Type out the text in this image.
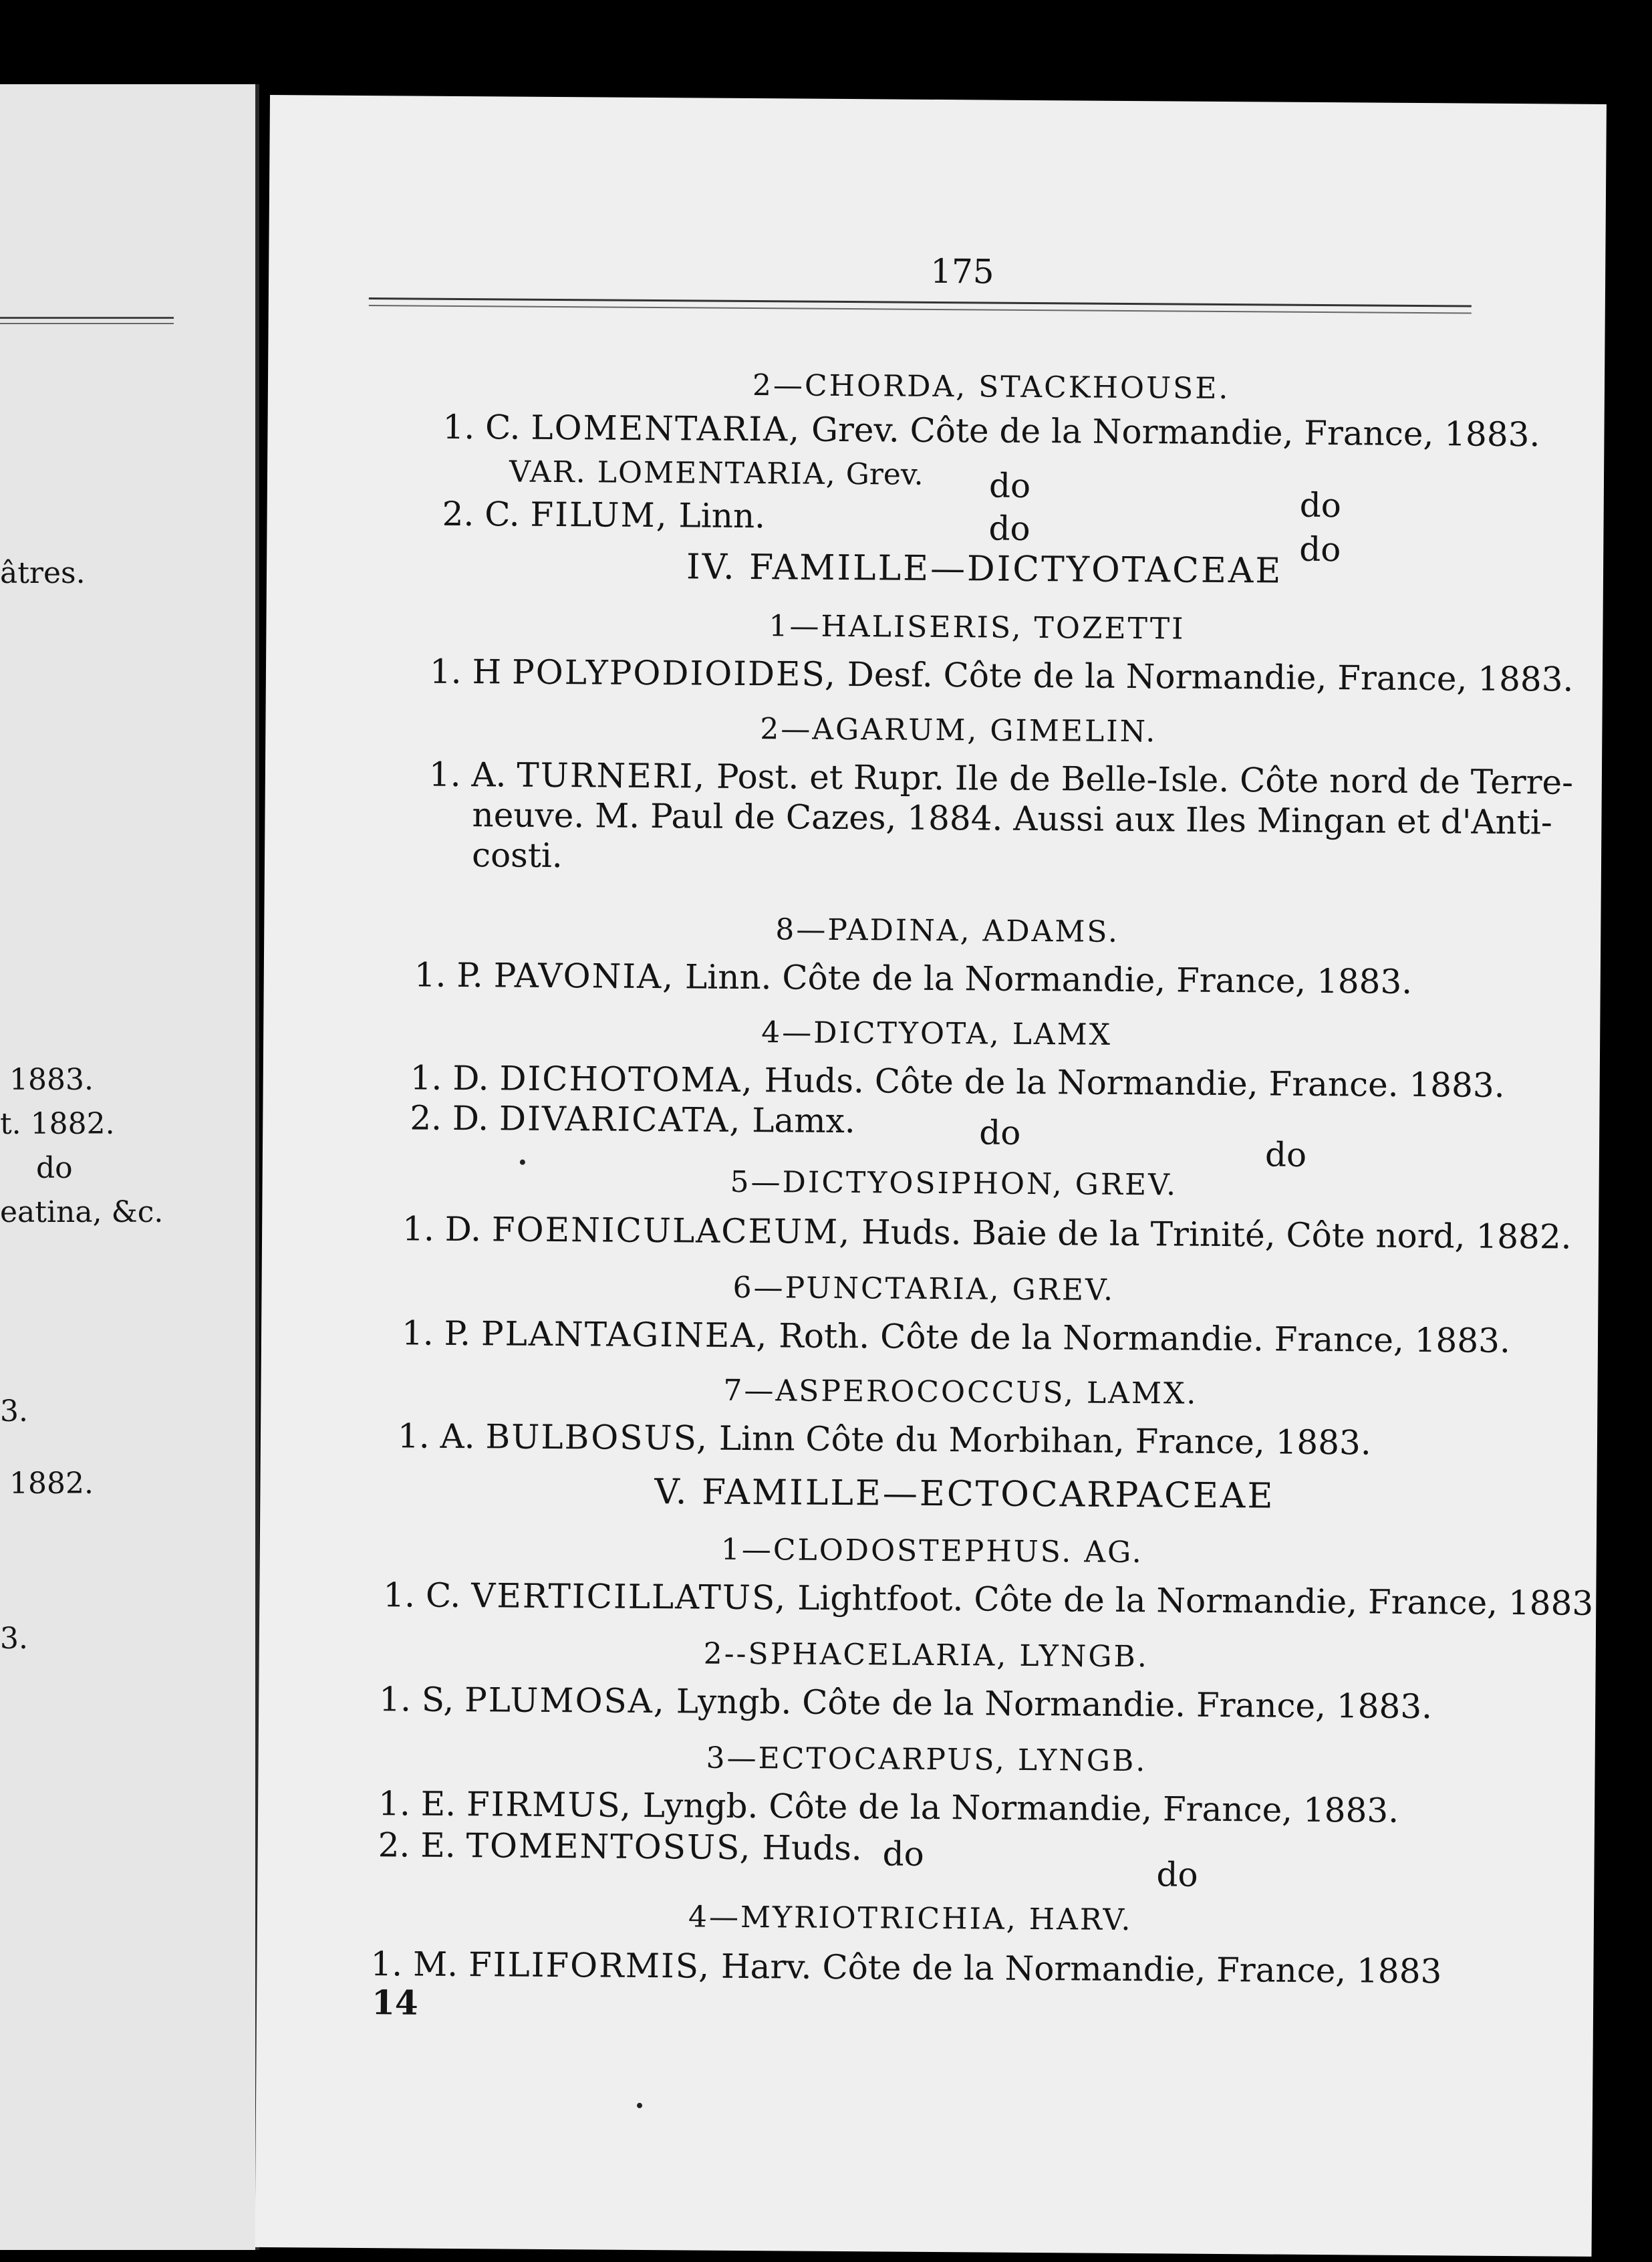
âtres.
1883.
t. 1882.
do
eatina, &c.
3.
1882.
3.
175
2—CHORDA, STACKHOUSE.
1. C. LOMENTARIA, Grev. Côte de la Normandie, France, 1883.
VAR. LOMENTARIA, Grev. do
do
2. C. FILUM, Linn.	do
do
IV. FAMILLE—DICTYOTACEAE
1—HALISERIS, TOZETTI
1. H POLYPODIOIDES, Desf. Côte de la Normandie, France, 1883.
2—AGARUM, GIMELIN.
1. A. TURNERI, Post. et Rupr. Ile de Belle-Isle. Côte nord de Terre-
neuve. M. Paul de Cazes, 1884. Aussi aux Iles Mingan et d'Anti-
costi.
8—PADINA, ADAMS.
1. P. PAVONIA, Linn. Côte de la Normandie, France, 1883.
4—DICTYOTA, LAMX
1. D. DICHOTOMA, Huds. Côte de la Normandie, France. 1883.
2. D. DIVARICATA, Lamx.	do
do
5—DICTYOSIPHON, GREV.
1. D. FOENICULACEUM, Huds. Baie de la Trinité, Côte nord, 1882.
6—PUNCTARIA, GREV.
1. P. PLANTAGINEA, Roth. Côte de la Normandie. France, 1883.
7—ASPEROCOCCUS, LAMX.
1. A. BULBOSUS, Linn Côte du Morbihan, France, 1883.
V. FAMILLE—ECTOCARPACEAE
1—CLODOSTEPHUS. AG.
1. C. VERTICILLATUS, Lightfoot. Côte de la Normandie, France, 1883.
2--SPHACELARIA, LYNGB.
1. S, PLUMOSA, Lyngb. Côte de la Normandie. France, 1883.
3—ECTOCARPUS, LYNGB.
1. E. FIRMUS, Lyngb. Côte de la Normandie, France, 1883.
2. E. TOMENTOSUS, Huds. do
do
4—MYRIOTRICHIA, HARV.
1. M. FILIFORMIS, Harv. Côte de la Normandie, France, 1883
14
